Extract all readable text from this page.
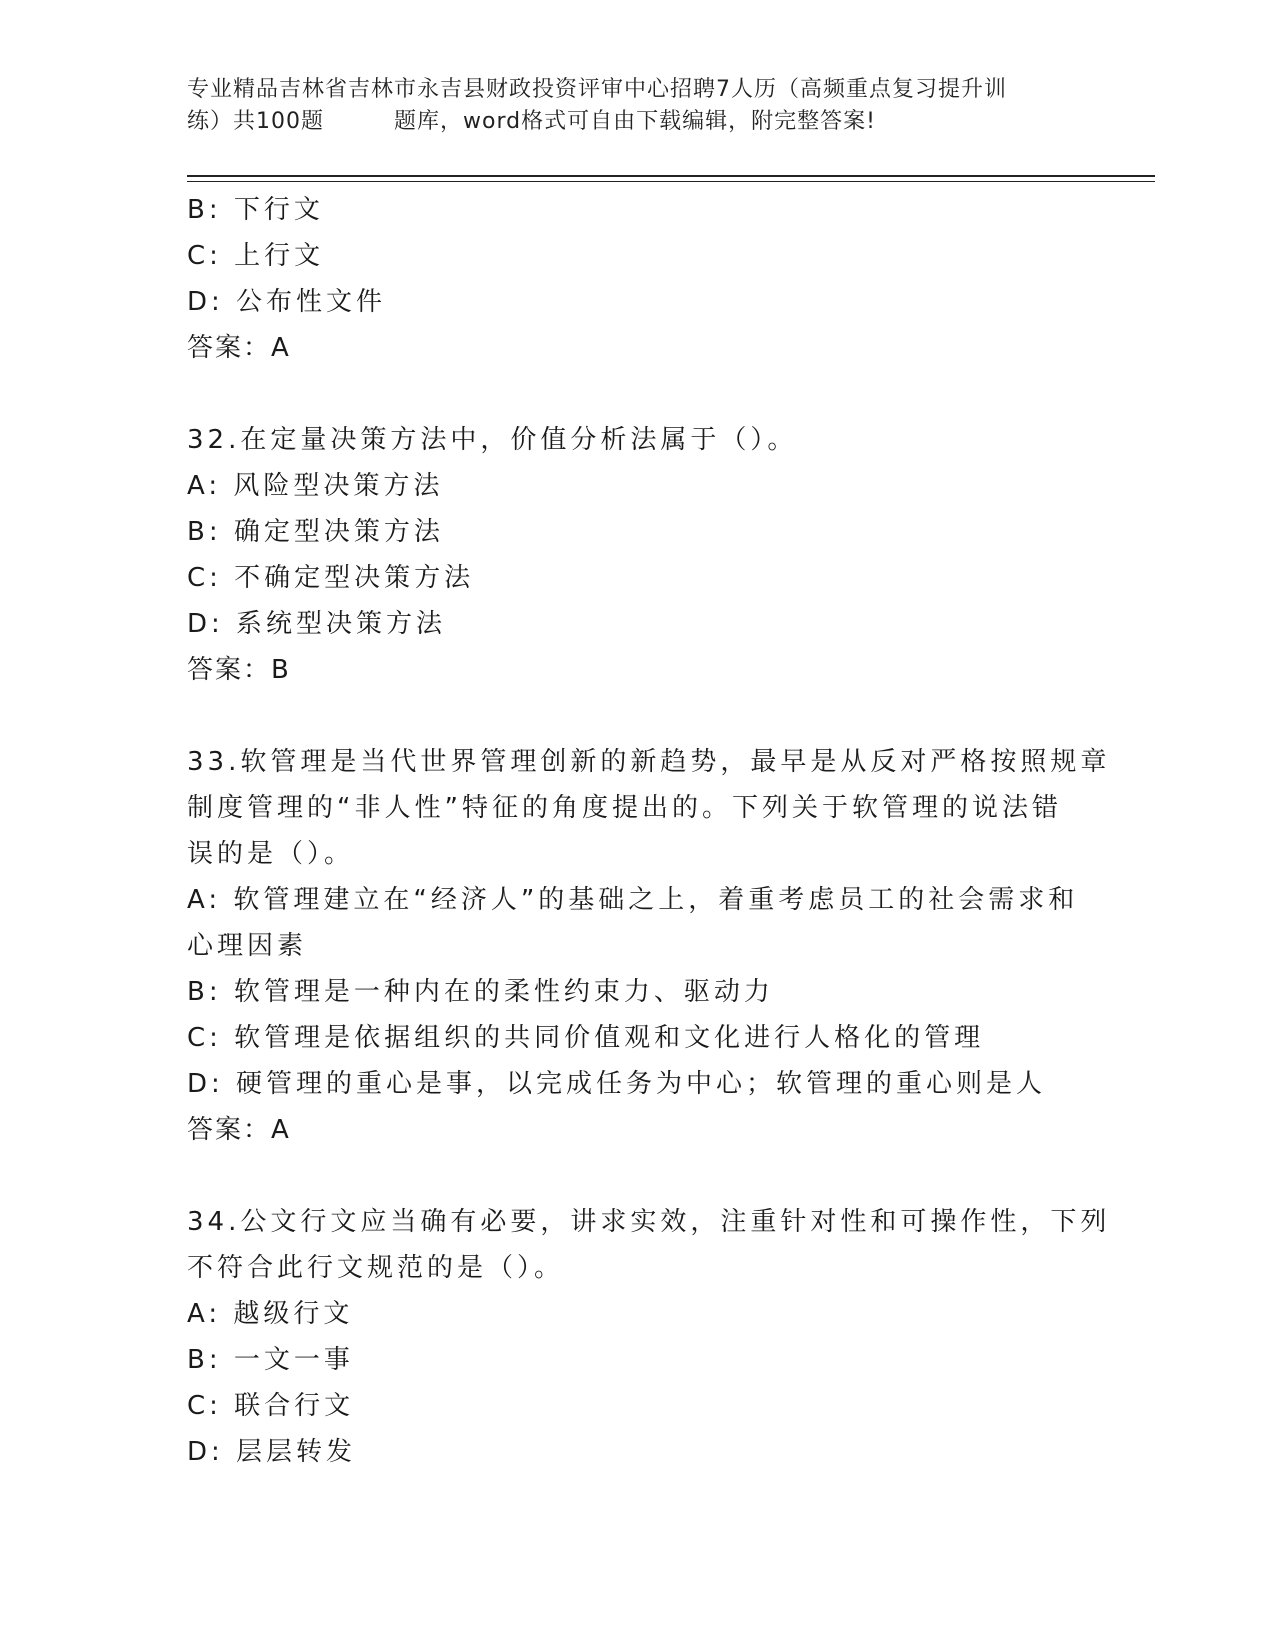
专业精品吉林省吉林市永吉县财政投资评审中心招聘7人历（高频重点复习提升训
练）共100题	题库，word格式可自由下载编辑，附完整答案!
B: 下行文
C: 上行文
D: 公布性文件
答案：A
32.在定量决策方法中，价值分析法属于（）。
A: 风险型决策方法
B: 确定型决策方法
C: 不确定型决策方法
D: 系统型决策方法
答案：B
33.软管理是当代世界管理创新的新趋势，最早是从反对严格按照规章
制度管理的“非人性”特征的角度提出的。下列关于软管理的说法错
误的是（）。
A: 软管理建立在“经济人”的基础之上，着重考虑员工的社会需求和
心理因素
B: 软管理是一种内在的柔性约束力、驱动力
C: 软管理是依据组织的共同价值观和文化进行人格化的管理
D: 硬管理的重心是事，以完成任务为中心；软管理的重心则是人
答案：A
34.公文行文应当确有必要，讲求实效，注重针对性和可操作性，下列
不符合此行文规范的是（）。
A: 越级行文
B: 一文一事
C: 联合行文
D: 层层转发
